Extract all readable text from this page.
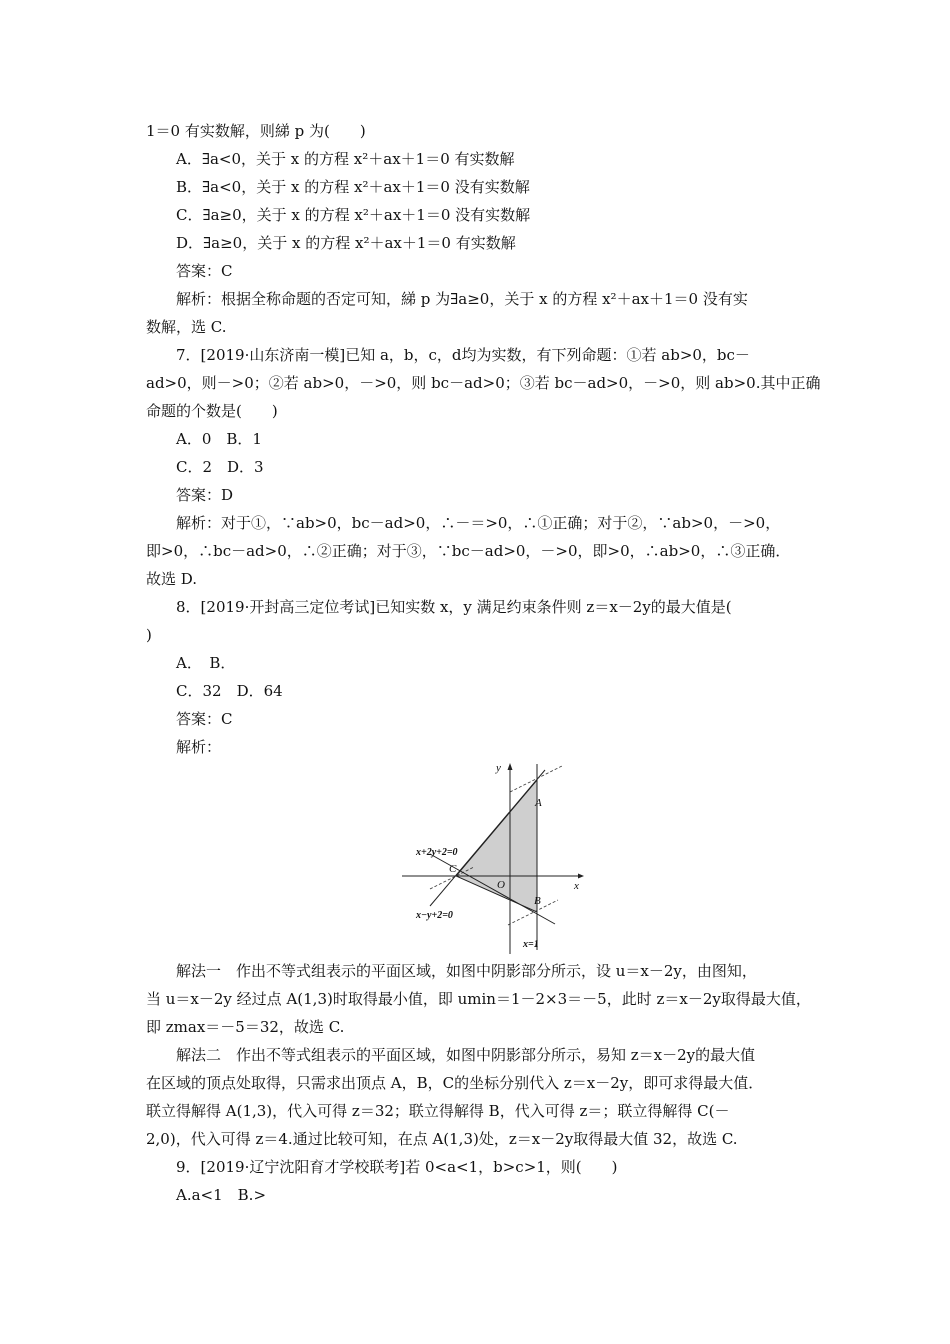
1＝0 有实数解，则綈 p 为(　　)
A．∃a<0，关于 x 的方程 x²＋ax＋1＝0 有实数解
B．∃a<0，关于 x 的方程 x²＋ax＋1＝0 没有实数解
C．∃a≥0，关于 x 的方程 x²＋ax＋1＝0 没有实数解
D．∃a≥0，关于 x 的方程 x²＋ax＋1＝0 有实数解
答案：C
解析：根据全称命题的否定可知，綈 p 为∃a≥0，关于 x 的方程 x²＋ax＋1＝0 没有实
数解，选 C.
7．[2019·山东济南一模]已知 a，b，c，d均为实数，有下列命题：①若 ab>0，bc－
ad>0，则－>0；②若 ab>0，－>0，则 bc－ad>0；③若 bc－ad>0，－>0，则 ab>0.其中正确
命题的个数是(　　)
A．0　B．1
C．2　D．3
答案：D
解析：对于①，∵ab>0，bc－ad>0，∴－＝>0，∴①正确；对于②，∵ab>0，－>0，
即>0，∴bc－ad>0，∴②正确；对于③，∵bc－ad>0，－>0，即>0，∴ab>0，∴③正确．
故选 D.
8．[2019·开封高三定位考试]已知实数 x，y 满足约束条件则 z＝x－2y的最大值是(
)
A．　B．
C．32　D．64
答案：C
解析：
y
x
O
A
B
C
x+2y+2=0
x−y+2=0
x=1
解法一　作出不等式组表示的平面区域，如图中阴影部分所示，设 u＝x－2y，由图知，
当 u＝x－2y 经过点 A(1,3)时取得最小值，即 umin＝1－2×3＝－5，此时 z＝x－2y取得最大值，
即 zmax＝－5＝32，故选 C.
解法二　作出不等式组表示的平面区域，如图中阴影部分所示，易知 z＝x－2y的最大值
在区域的顶点处取得，只需求出顶点 A，B，C的坐标分别代入 z＝x－2y，即可求得最大值．
联立得解得 A(1,3)，代入可得 z＝32；联立得解得 B，代入可得 z＝；联立得解得 C(－
2,0)，代入可得 z＝4.通过比较可知，在点 A(1,3)处，z＝x－2y取得最大值 32，故选 C.
9．[2019·辽宁沈阳育才学校联考]若 0<a<1，b>c>1，则(　　)
A.a<1　B.>
